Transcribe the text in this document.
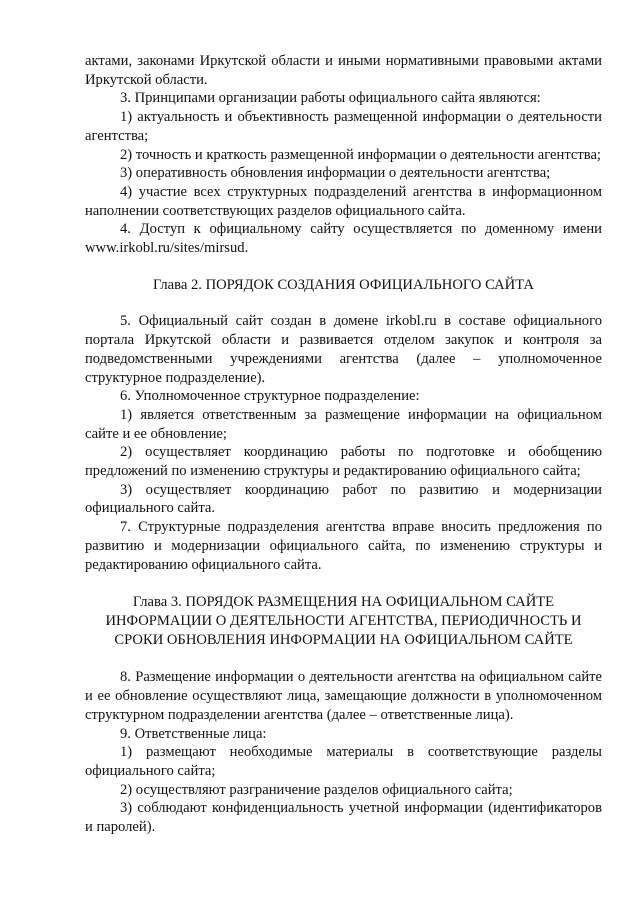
актами, законами Иркутской области и иными нормативными правовыми актами Иркутской области.

3. Принципами организации работы официального сайта являются:

1) актуальность и объективность размещенной информации о деятельности агентства;

2) точность и краткость размещенной информации о деятельности агентства;

3) оперативность обновления информации о деятельности агентства;

4) участие всех структурных подразделений агентства в информационном наполнении соответствующих разделов официального сайта.

4. Доступ к официальному сайту осуществляется по доменному имени www.irkobl.ru/sites/mirsud.

Глава 2. ПОРЯДОК СОЗДАНИЯ ОФИЦИАЛЬНОГО САЙТА

5. Официальный сайт создан в домене irkobl.ru в составе официального портала Иркутской области и развивается отделом закупок и контроля за подведомственными учреждениями агентства (далее – уполномоченное структурное подразделение).

6. Уполномоченное структурное подразделение:

1) является ответственным за размещение информации на официальном сайте и ее обновление;

2) осуществляет координацию работы по подготовке и обобщению предложений по изменению структуры и редактированию официального сайта;

3) осуществляет координацию работ по развитию и модернизации официального сайта.

7. Структурные подразделения агентства вправе вносить предложения по развитию и модернизации официального сайта, по изменению структуры и редактированию официального сайта.

Глава 3. ПОРЯДОК РАЗМЕЩЕНИЯ НА ОФИЦИАЛЬНОМ САЙТЕ
ИНФОРМАЦИИ О ДЕЯТЕЛЬНОСТИ АГЕНТСТВА, ПЕРИОДИЧНОСТЬ И
СРОКИ ОБНОВЛЕНИЯ ИНФОРМАЦИИ НА ОФИЦИАЛЬНОМ САЙТЕ

8. Размещение информации о деятельности агентства на официальном сайте и ее обновление осуществляют лица, замещающие должности в уполномоченном структурном подразделении агентства (далее – ответственные лица).

9. Ответственные лица:

1) размещают необходимые материалы в соответствующие разделы официального сайта;

2) осуществляют разграничение разделов официального сайта;

3) соблюдают конфиденциальность учетной информации (идентификаторов и паролей).
